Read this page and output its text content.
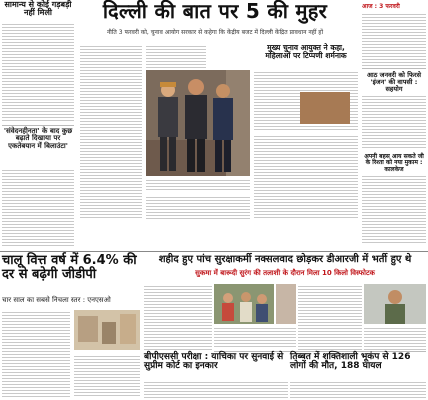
सामान्य से कोई गड़बड़ी नहीं मिली
'संवेदनहीनता' के बाद कुछ बढ़ाते दिखाया पर एकतेबयान में बिलाउंटा'
दिल्ली की बात पर 5 की मुहर
नीति 3 फरवरी को, चुनाव आयोग सरकार से कहेगा कि केंद्रीय बजट में दिल्ली केंद्रित प्रावधान नहीं हों
मुख्य चुनाव आयुक्त ने कहा, महिलाओं पर टिप्पणी शर्मनाक
आज : 3 फरवरी
आठ जनवरी को फिरसे 'इंजन' की वापसी : सहयोग
अपनी बहस आय सकते जी के रिश्ता को नया मुकाम : कालकेज
चालू वित्त वर्ष में 6.4% की दर से बढ़ेगी जीडीपी
चार साल का सबसे निचला स्तर : एनएसओ
शहीद हुए पांच सुरक्षाकर्मी नक्सलवाद छोड़कर डीआरजी में भर्ती हुए थे
सुकमा में बारूदी सुरंग की तलाशी के दौरान मिला 10 किलो विस्फोटक
बीपीएससी परीक्षा : याचिका पर सुनवाई से सुप्रीम कोर्ट का इनकार
तिब्बत में शक्तिशाली भूकंप से 126 लोगों की मौत, 188 घायल
